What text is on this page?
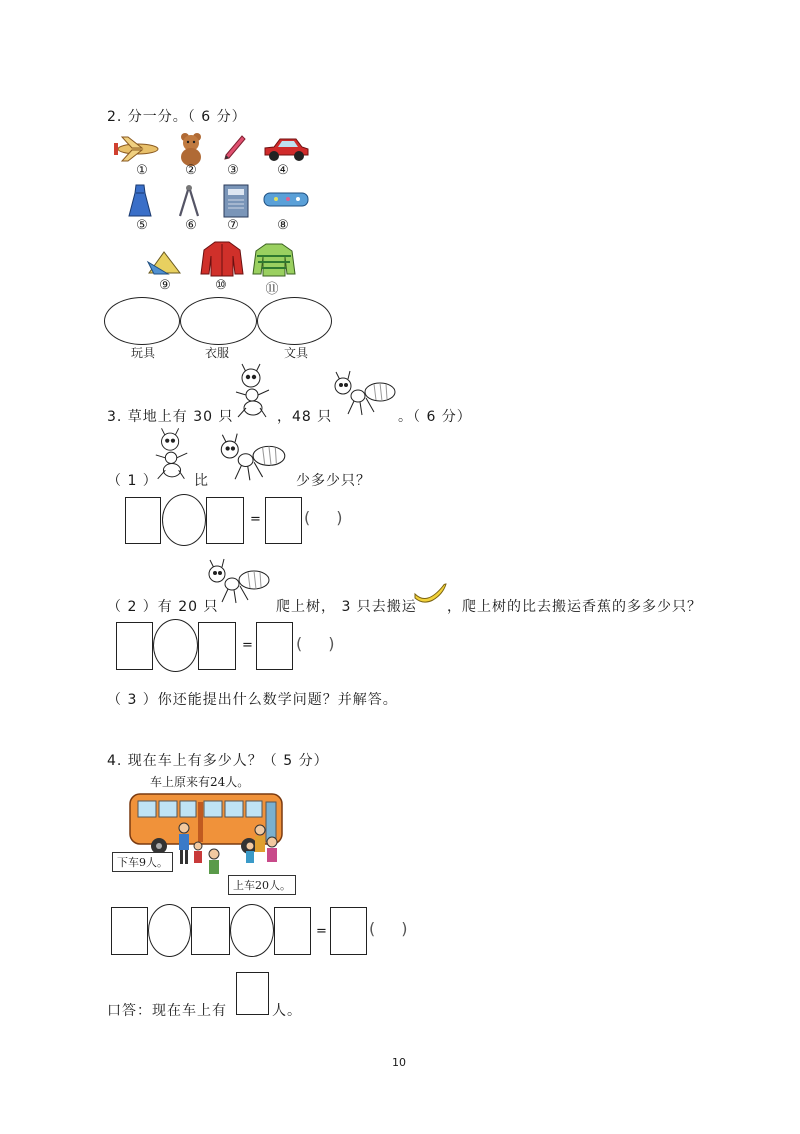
2. 分一分。（ 6 分）
①	②	③	④
⑤	⑥	⑦	⑧
⑨	⑩	⑪
玩具	衣服	文具
3. 草地上有 30 只	，48 只	。（ 6 分）
（ 1 ）	比	少多少只？
=	()
（ 2 ）有 20 只	爬上树， 3 只去搬运 ，爬上树的比去搬运香蕉的多多少只？
=	()
（ 3 ）你还能提出什么数学问题？并解答。
4. 现在车上有多少人？（ 5 分）
车上原来有24人。
下车9人。
上车20人。
=	()
口答：现在车上有	人。
10
